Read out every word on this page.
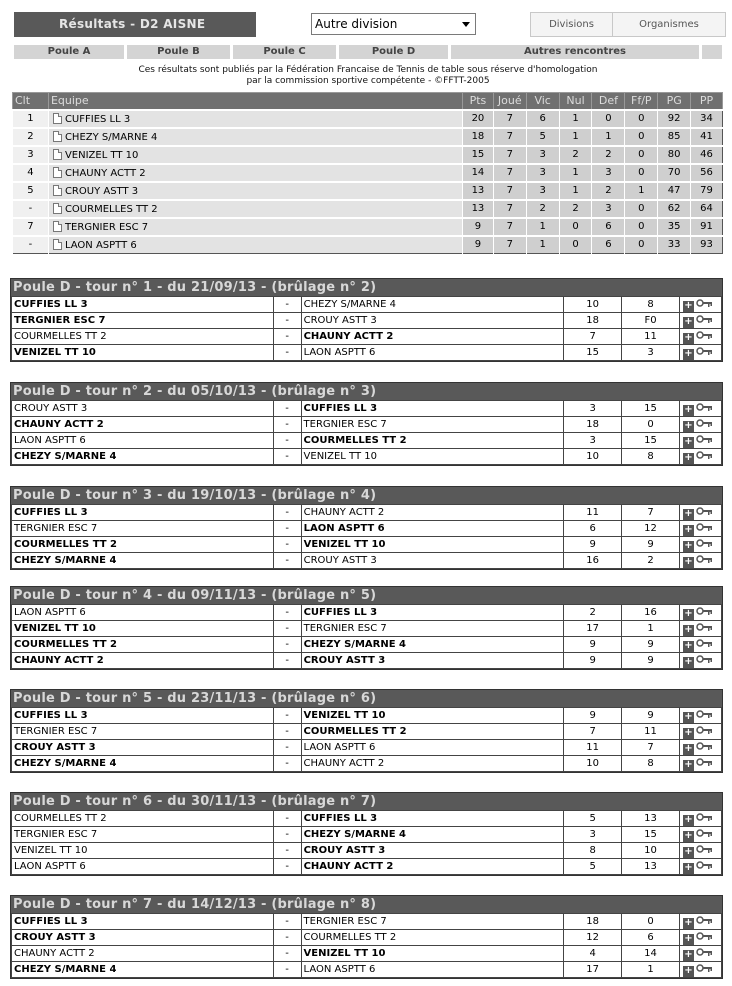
Résultats - D2 AISNE	Autre division	Divisions	Organismes
Poule A	Poule B	Poule C	Poule D	Autres rencontres
Ces résultats sont publiés par la Fédération Francaise de Tennis de table sous réserve d'homologation
par la commission sportive compétente - ©FFTT-2005
Clt	Equipe	Pts	Joué	Vic	Nul	Def	Ff/P	PG	PP
1	CUFFIES LL 3	20	7	6	1	0	0	92	34
2	CHEZY S/MARNE 4	18	7	5	1	1	0	85	41
3	VENIZEL TT 10	15	7	3	2	2	0	80	46
4	CHAUNY ACTT 2	14	7	3	1	3	0	70	56
5	CROUY ASTT 3	13	7	3	1	2	1	47	79
-	COURMELLES TT 2	13	7	2	2	3	0	62	64
7	TERGNIER ESC 7	9	7	1	0	6	0	35	91
-	LAON ASPTT 6	9	7	1	0	6	0	33	93
Poule D - tour n° 1 - du 21/09/13 - (brûlage n° 2)
CUFFIES LL 3	-	CHEZY S/MARNE 4	10	8	+
TERGNIER ESC 7	-	CROUY ASTT 3	18	F0	+
COURMELLES TT 2	-	CHAUNY ACTT 2	7	11	+
VENIZEL TT 10	-	LAON ASPTT 6	15	3	+
Poule D - tour n° 2 - du 05/10/13 - (brûlage n° 3)
CROUY ASTT 3	-	CUFFIES LL 3	3	15	+
CHAUNY ACTT 2	-	TERGNIER ESC 7	18	0	+
LAON ASPTT 6	-	COURMELLES TT 2	3	15	+
CHEZY S/MARNE 4	-	VENIZEL TT 10	10	8	+
Poule D - tour n° 3 - du 19/10/13 - (brûlage n° 4)
CUFFIES LL 3	-	CHAUNY ACTT 2	11	7	+
TERGNIER ESC 7	-	LAON ASPTT 6	6	12	+
COURMELLES TT 2	-	VENIZEL TT 10	9	9	+
CHEZY S/MARNE 4	-	CROUY ASTT 3	16	2	+
Poule D - tour n° 4 - du 09/11/13 - (brûlage n° 5)
LAON ASPTT 6	-	CUFFIES LL 3	2	16	+
VENIZEL TT 10	-	TERGNIER ESC 7	17	1	+
COURMELLES TT 2	-	CHEZY S/MARNE 4	9	9	+
CHAUNY ACTT 2	-	CROUY ASTT 3	9	9	+
Poule D - tour n° 5 - du 23/11/13 - (brûlage n° 6)
CUFFIES LL 3	-	VENIZEL TT 10	9	9	+
TERGNIER ESC 7	-	COURMELLES TT 2	7	11	+
CROUY ASTT 3	-	LAON ASPTT 6	11	7	+
CHEZY S/MARNE 4	-	CHAUNY ACTT 2	10	8	+
Poule D - tour n° 6 - du 30/11/13 - (brûlage n° 7)
COURMELLES TT 2	-	CUFFIES LL 3	5	13	+
TERGNIER ESC 7	-	CHEZY S/MARNE 4	3	15	+
VENIZEL TT 10	-	CROUY ASTT 3	8	10	+
LAON ASPTT 6	-	CHAUNY ACTT 2	5	13	+
Poule D - tour n° 7 - du 14/12/13 - (brûlage n° 8)
CUFFIES LL 3	-	TERGNIER ESC 7	18	0	+
CROUY ASTT 3	-	COURMELLES TT 2	12	6	+
CHAUNY ACTT 2	-	VENIZEL TT 10	4	14	+
CHEZY S/MARNE 4	-	LAON ASPTT 6	17	1	+
